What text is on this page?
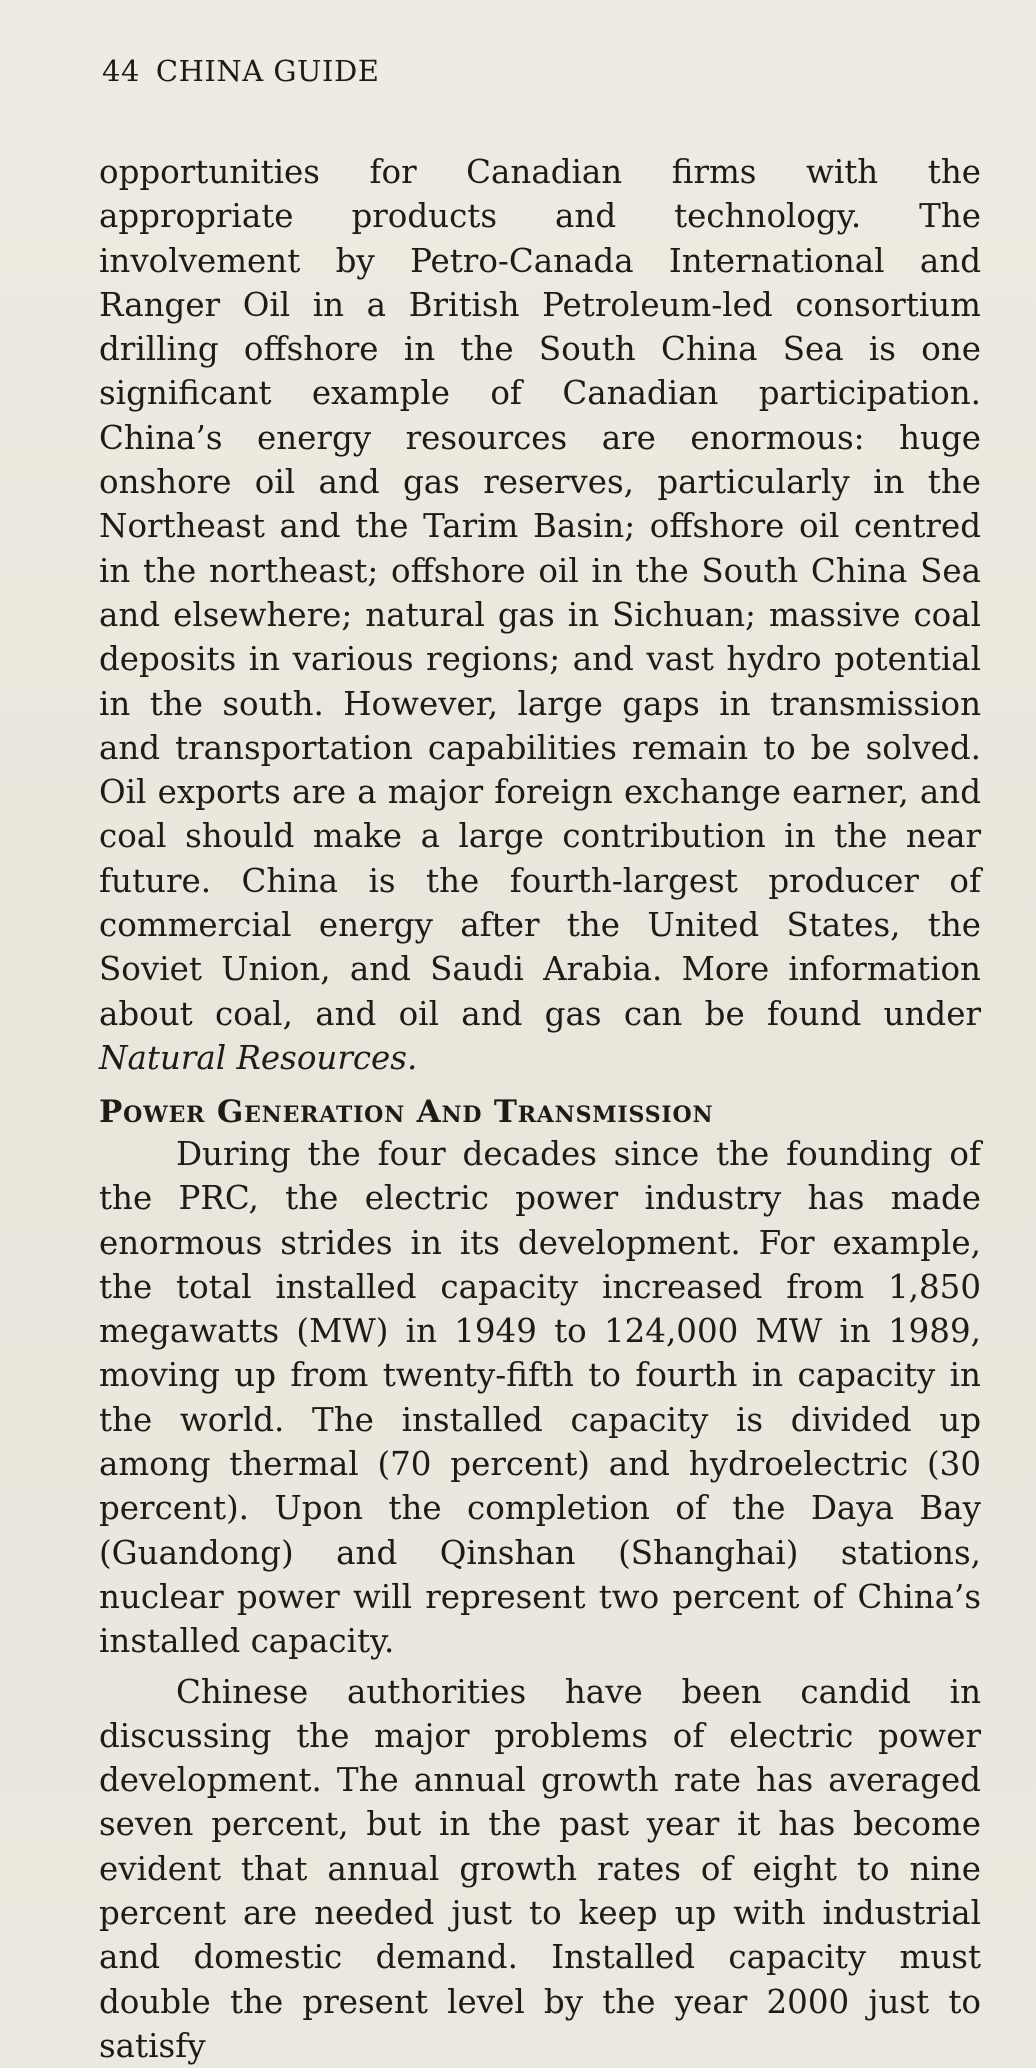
44 CHINA GUIDE

opportunities for Canadian firms with the appropriate products and technology. The involvement by Petro-Canada International and Ranger Oil in a British Petroleum-led consortium drilling offshore in the South China Sea is one significant example of Canadian participation. China’s energy resources are enormous: huge onshore oil and gas reserves, particularly in the Northeast and the Tarim Basin; offshore oil centred in the northeast; offshore oil in the South China Sea and elsewhere; natural gas in Sichuan; massive coal deposits in various regions; and vast hydro potential in the south. However, large gaps in transmission and transportation capabilities remain to be solved. Oil exports are a major foreign exchange earner, and coal should make a large contribution in the near future. China is the fourth-largest producer of commercial energy after the United States, the Soviet Union, and Saudi Arabia. More information about coal, and oil and gas can be found under Natural Resources.

Power Generation And Transmission

During the four decades since the founding of the PRC, the electric power industry has made enormous strides in its development. For example, the total installed capacity increased from 1,850 megawatts (MW) in 1949 to 124,000 MW in 1989, moving up from twenty-fifth to fourth in capacity in the world. The installed capacity is divided up among thermal (70 percent) and hydroelectric (30 percent). Upon the completion of the Daya Bay (Guandong) and Qinshan (Shanghai) stations, nuclear power will represent two percent of China’s installed capacity.

Chinese authorities have been candid in discussing the major problems of electric power development. The annual growth rate has averaged seven percent, but in the past year it has become evident that annual growth rates of eight to nine percent are needed just to keep up with industrial and domestic demand. Installed capacity must double the present level by the year 2000 just to satisfy
